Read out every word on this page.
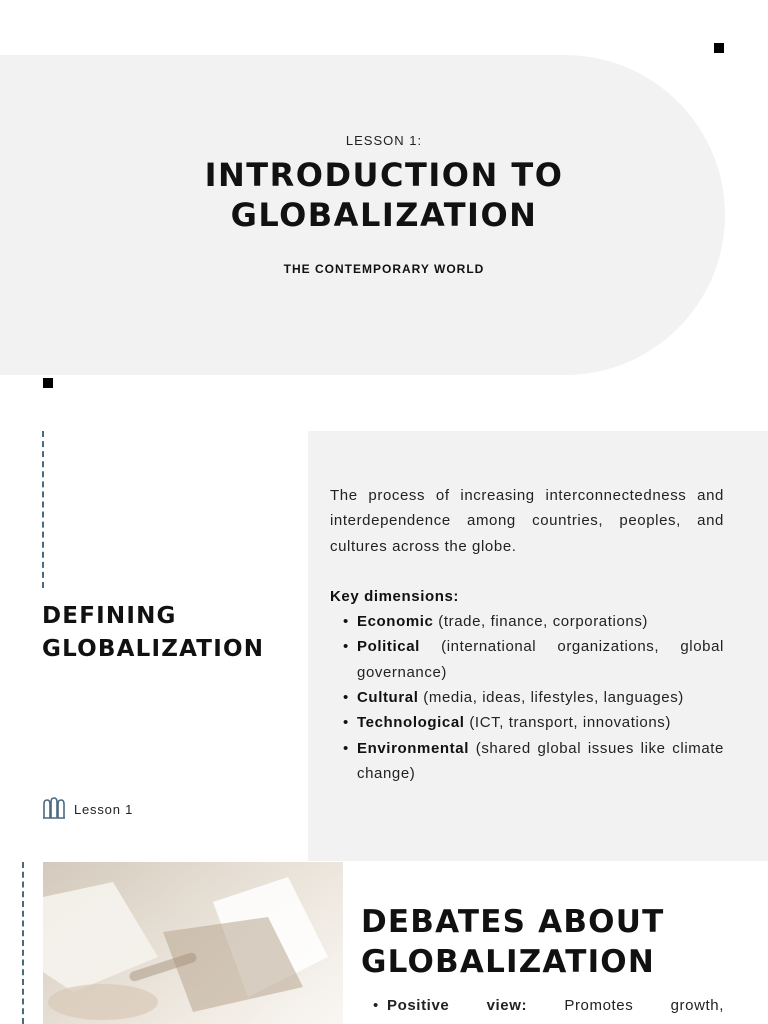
LESSON 1:
INTRODUCTION TO
GLOBALIZATION
THE CONTEMPORARY WORLD
DEFINING
GLOBALIZATION

The process of increasing interconnectedness and interdependence among countries, peoples, and cultures across the globe.

Key dimensions:

• Economic (trade, finance, corporations)
• Political (international organizations, global governance)
• Cultural (media, ideas, lifestyles, languages)
• Technological (ICT, transport, innovations)
• Environmental (shared global issues like climate change)
Lesson 1
DEBATES ABOUT
GLOBALIZATION
• Positive view: Promotes growth,
